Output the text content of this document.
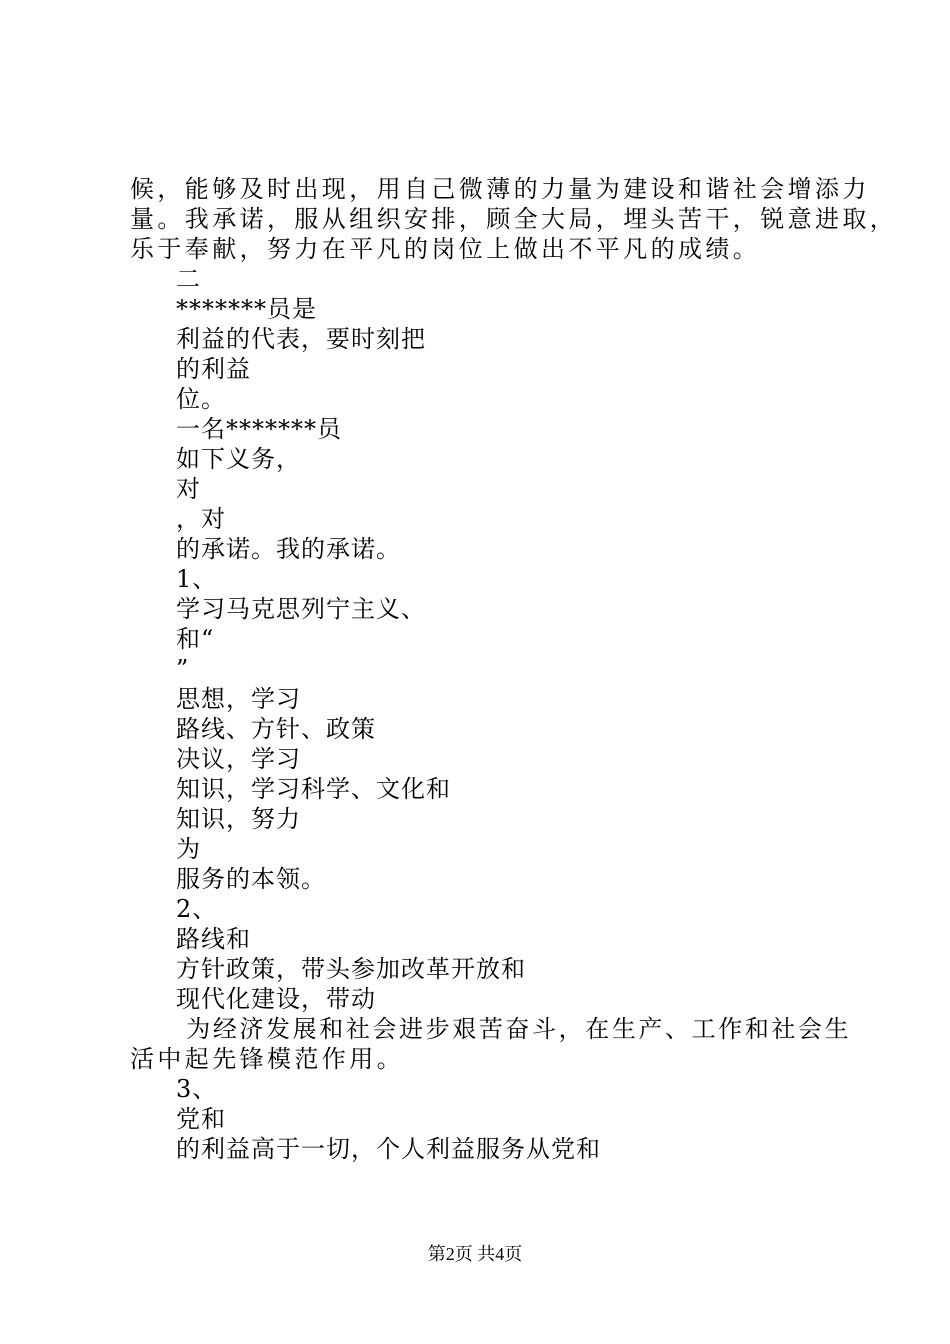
候，能够及时出现，用自己微薄的力量为建设和谐社会增添力
量。我承诺，服从组织安排，顾全大局，埋头苦干，锐意进取，
乐于奉献，努力在平凡的岗位上做出不平凡的成绩。
二
*******员是
利益的代表，要时刻把
的利益
位。
一名*******员
如下义务，
对
，对
的承诺。我的承诺。
1、
学习马克思列宁主义、
和“
”
思想，学习
路线、方针、政策
决议，学习
知识，学习科学、文化和
知识，努力
为
服务的本领。
2、
路线和
方针政策，带头参加改革开放和
现代化建设，带动
为经济发展和社会进步艰苦奋斗，在生产、工作和社会生
活中起先锋模范作用。
3、
党和
的利益高于一切，个人利益服务从党和
第2页 共4页
